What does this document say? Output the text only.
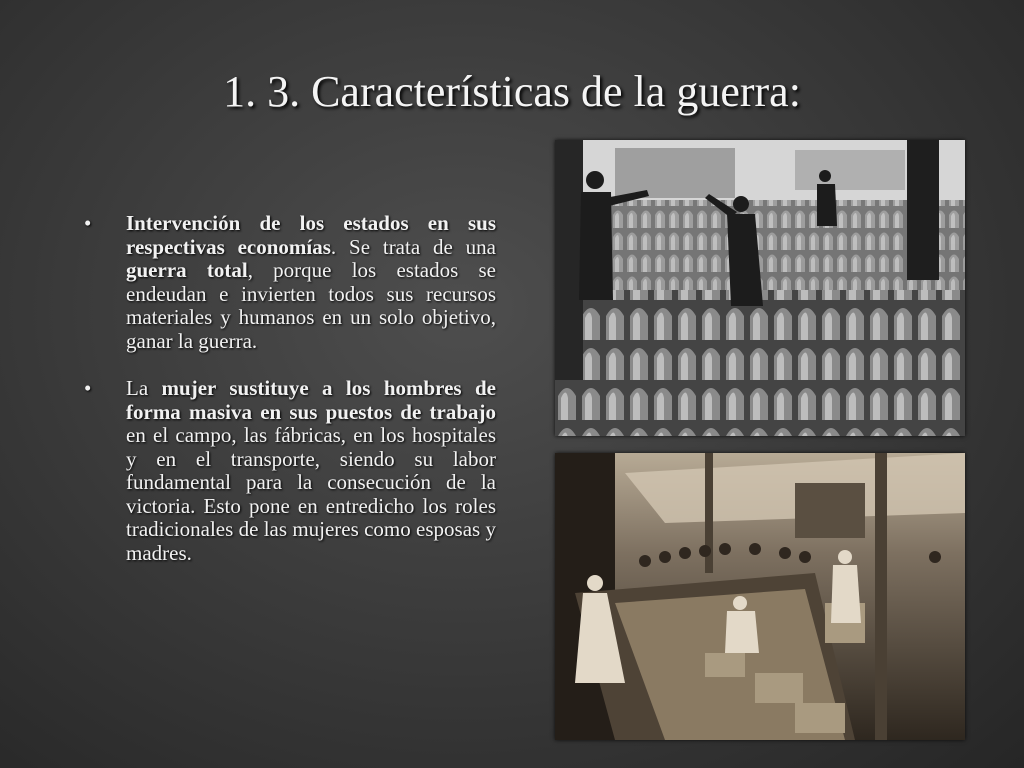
1. 3. Características de la guerra:
• Intervención de los estados en sus respectivas economías. Se trata de una guerra total, porque los estados se endeudan e invierten todos sus recursos materiales y humanos en un solo objetivo, ganar la guerra.
• La mujer sustituye a los hombres de forma masiva en sus puestos de trabajo en el campo, las fábricas, en los hospitales y en el transporte, siendo su labor fundamental para la consecución de la victoria. Esto pone en entredicho los roles tradicionales de las mujeres como esposas y madres.
